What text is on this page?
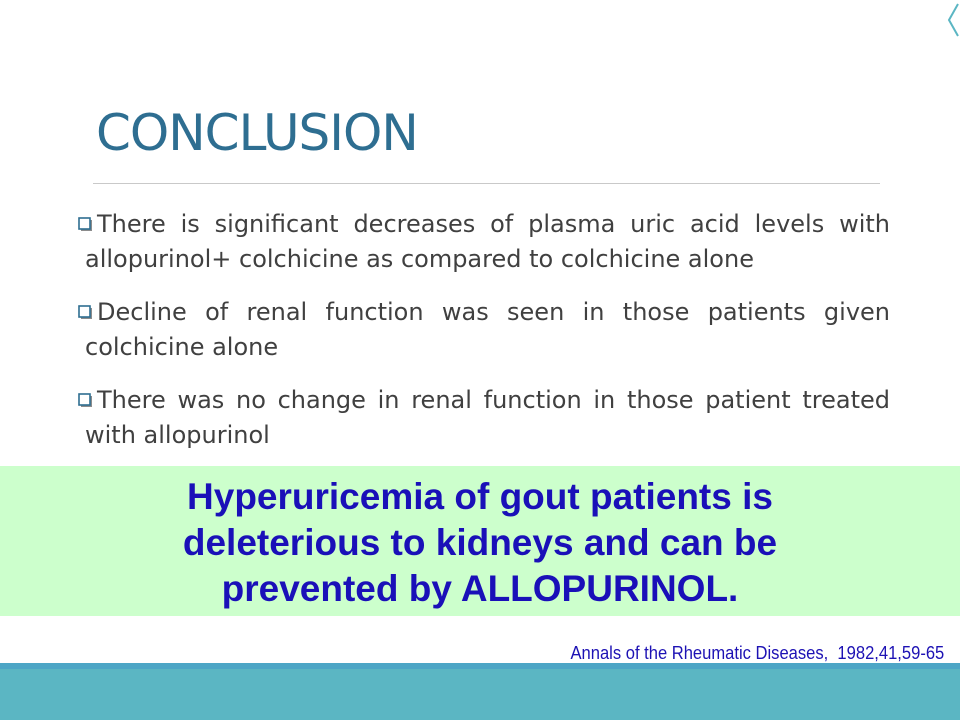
CONCLUSION
There is significant decreases of plasma uric acid levels with allopurinol+ colchicine as compared to colchicine alone
Decline of renal function was seen in those patients given colchicine alone
There was no change in renal function in those patient treated with allopurinol
Hyperuricemia of gout patients is
deleterious to kidneys and can be
prevented by ALLOPURINOL.
Annals of the Rheumatic Diseases,  1982,41,59-65
